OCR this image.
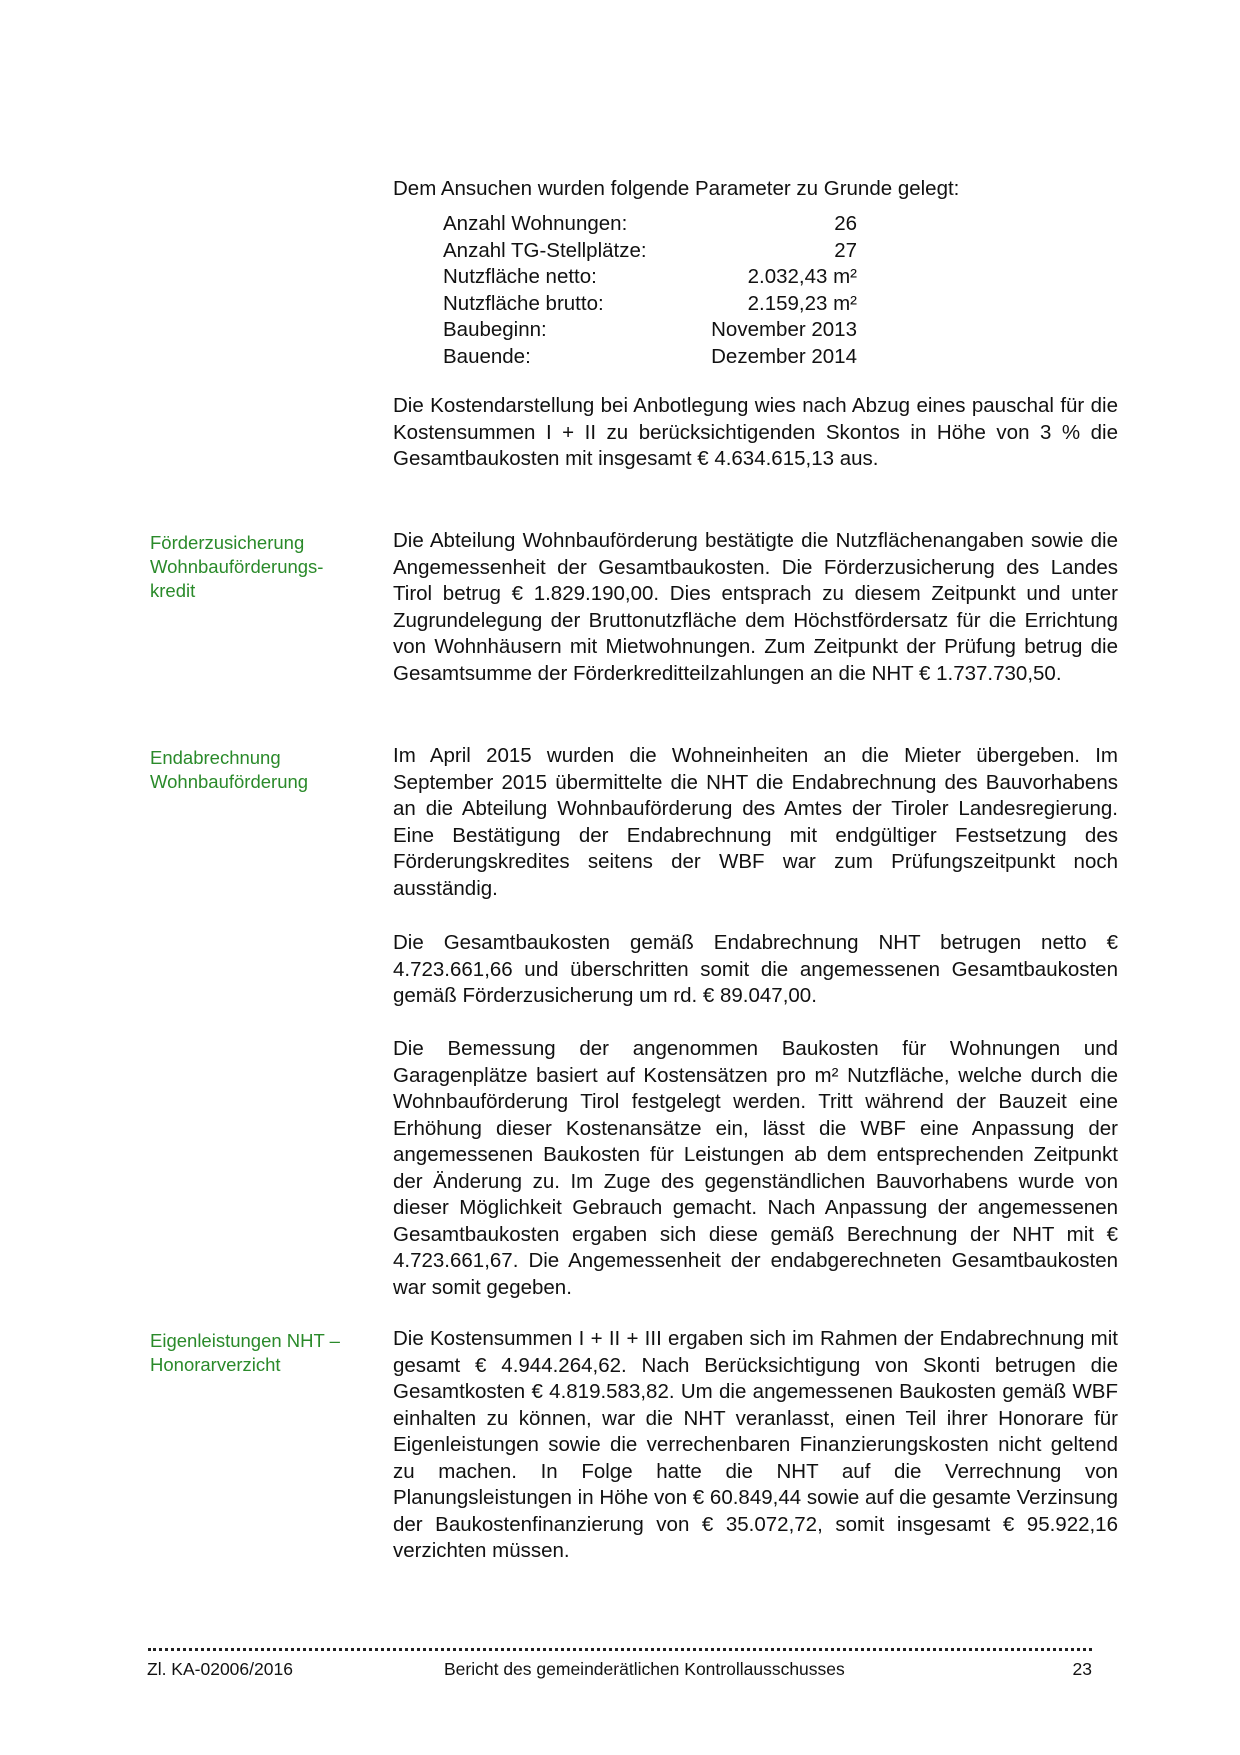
Dem Ansuchen wurden folgende Parameter zu Grunde gelegt:
Anzahl Wohnungen:	26
Anzahl TG-Stellplätze:	27
Nutzfläche netto:	2.032,43 m²
Nutzfläche brutto:	2.159,23 m²
Baubeginn:	November 2013
Bauende:	Dezember 2014

Die Kostendarstellung bei Anbotlegung wies nach Abzug eines pauschal für die Kostensummen I + II zu berücksichtigenden Skontos in Höhe von 3 % die Gesamtbaukosten mit insgesamt € 4.634.615,13 aus.

Förderzusicherung
Wohnbauförderungs-
kredit

Die Abteilung Wohnbauförderung bestätigte die Nutzflächenangaben sowie die Angemessenheit der Gesamtbaukosten. Die Förderzusicherung des Landes Tirol betrug € 1.829.190,00. Dies entsprach zu diesem Zeitpunkt und unter Zugrundelegung der Bruttonutzfläche dem Höchstfördersatz für die Errichtung von Wohnhäusern mit Mietwohnungen. Zum Zeitpunkt der Prüfung betrug die Gesamtsumme der Förderkreditteilzahlungen an die NHT € 1.737.730,50.

Endabrechnung
Wohnbauförderung

Im April 2015 wurden die Wohneinheiten an die Mieter übergeben. Im September 2015 übermittelte die NHT die Endabrechnung des Bauvorhabens an die Abteilung Wohnbauförderung des Amtes der Tiroler Landesregierung. Eine Bestätigung der Endabrechnung mit endgültiger Festsetzung des Förderungskredites seitens der WBF war zum Prüfungszeitpunkt noch ausständig.

Die Gesamtbaukosten gemäß Endabrechnung NHT betrugen netto € 4.723.661,66 und überschritten somit die angemessenen Gesamtbaukosten gemäß Förderzusicherung um rd. € 89.047,00.

Die Bemessung der angenommen Baukosten für Wohnungen und Garagenplätze basiert auf Kostensätzen pro m² Nutzfläche, welche durch die Wohnbauförderung Tirol festgelegt werden. Tritt während der Bauzeit eine Erhöhung dieser Kostenansätze ein, lässt die WBF eine Anpassung der angemessenen Baukosten für Leistungen ab dem entsprechenden Zeitpunkt der Änderung zu. Im Zuge des gegenständlichen Bauvorhabens wurde von dieser Möglichkeit Gebrauch gemacht. Nach Anpassung der angemessenen Gesamtbaukosten ergaben sich diese gemäß Berechnung der NHT mit € 4.723.661,67. Die Angemessenheit der endabgerechneten Gesamtbaukosten war somit gegeben.

Eigenleistungen NHT –
Honorarverzicht

Die Kostensummen I + II + III ergaben sich im Rahmen der Endabrechnung mit gesamt € 4.944.264,62. Nach Berücksichtigung von Skonti betrugen die Gesamtkosten € 4.819.583,82. Um die angemessenen Baukosten gemäß WBF einhalten zu können, war die NHT veranlasst, einen Teil ihrer Honorare für Eigenleistungen sowie die verrechenbaren Finanzierungskosten nicht geltend zu machen. In Folge hatte die NHT auf die Verrechnung von Planungsleistungen in Höhe von € 60.849,44 sowie auf die gesamte Verzinsung der Baukostenfinanzierung von € 35.072,72, somit insgesamt € 95.922,16 verzichten müssen.

Zl. KA-02006/2016	Bericht des gemeinderätlichen Kontrollausschusses	23
